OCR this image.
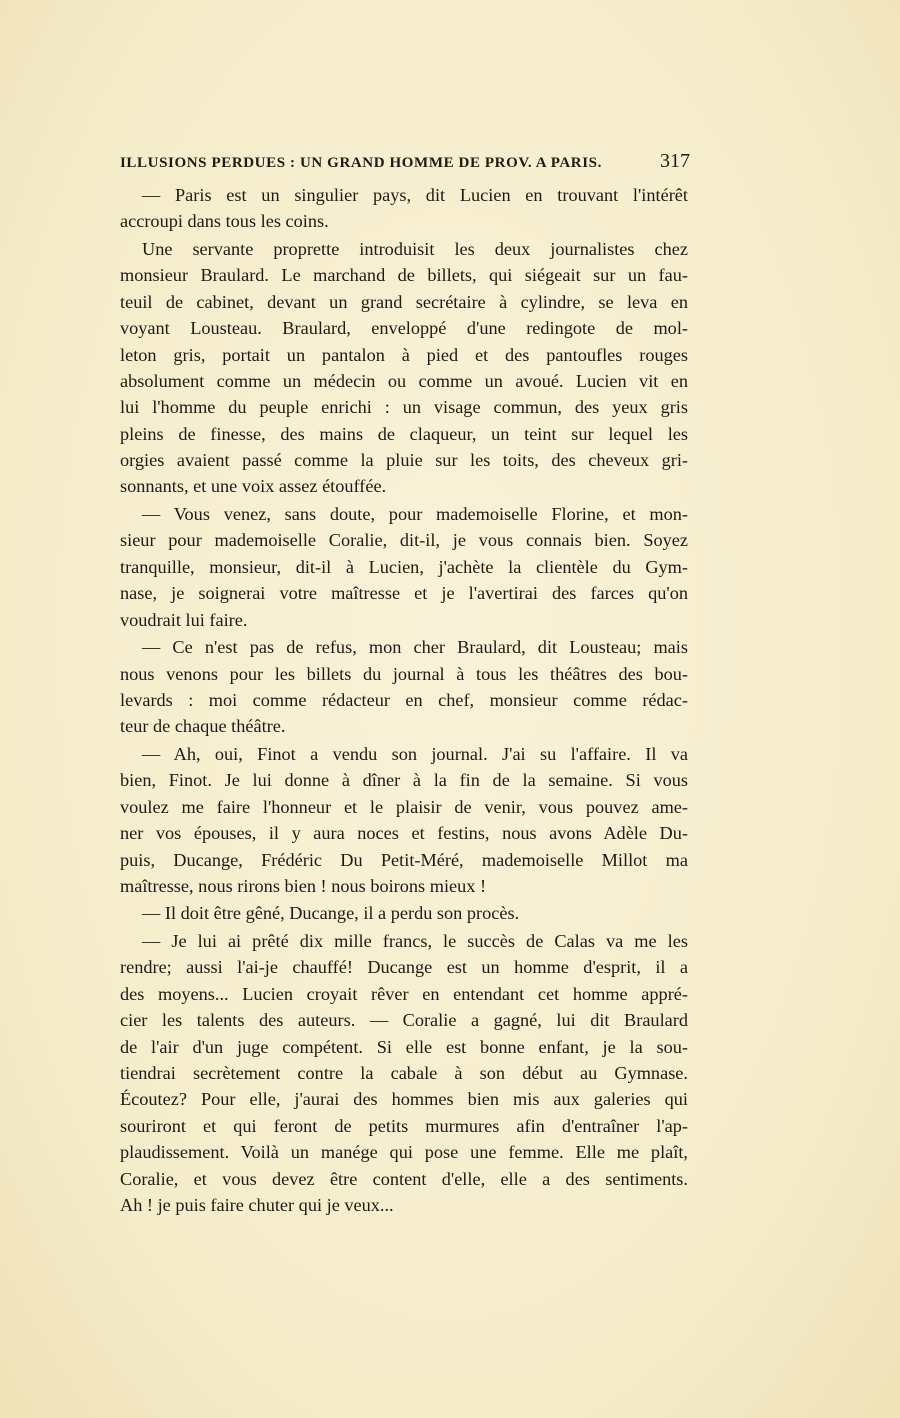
ILLUSIONS PERDUES : UN GRAND HOMME DE PROV. A PARIS.	317
— Paris est un singulier pays, dit Lucien en trouvant l'intérêt
accroupi dans tous les coins.
Une servante proprette introduisit les deux journalistes chez
monsieur Braulard. Le marchand de billets, qui siégeait sur un fau-
teuil de cabinet, devant un grand secrétaire à cylindre, se leva en
voyant Lousteau. Braulard, enveloppé d'une redingote de mol-
leton gris, portait un pantalon à pied et des pantoufles rouges
absolument comme un médecin ou comme un avoué. Lucien vit en
lui l'homme du peuple enrichi : un visage commun, des yeux gris
pleins de finesse, des mains de claqueur, un teint sur lequel les
orgies avaient passé comme la pluie sur les toits, des cheveux gri-
sonnants, et une voix assez étouffée.
— Vous venez, sans doute, pour mademoiselle Florine, et mon-
sieur pour mademoiselle Coralie, dit-il, je vous connais bien. Soyez
tranquille, monsieur, dit-il à Lucien, j'achète la clientèle du Gym-
nase, je soignerai votre maîtresse et je l'avertirai des farces qu'on
voudrait lui faire.
— Ce n'est pas de refus, mon cher Braulard, dit Lousteau; mais
nous venons pour les billets du journal à tous les théâtres des bou-
levards : moi comme rédacteur en chef, monsieur comme rédac-
teur de chaque théâtre.
— Ah, oui, Finot a vendu son journal. J'ai su l'affaire. Il va
bien, Finot. Je lui donne à dîner à la fin de la semaine. Si vous
voulez me faire l'honneur et le plaisir de venir, vous pouvez ame-
ner vos épouses, il y aura noces et festins, nous avons Adèle Du-
puis, Ducange, Frédéric Du Petit-Méré, mademoiselle Millot ma
maîtresse, nous rirons bien ! nous boirons mieux !
— Il doit être gêné, Ducange, il a perdu son procès.
— Je lui ai prêté dix mille francs, le succès de Calas va me les
rendre; aussi l'ai-je chauffé! Ducange est un homme d'esprit, il a
des moyens... Lucien croyait rêver en entendant cet homme appré-
cier les talents des auteurs. — Coralie a gagné, lui dit Braulard
de l'air d'un juge compétent. Si elle est bonne enfant, je la sou-
tiendrai secrètement contre la cabale à son début au Gymnase.
Écoutez? Pour elle, j'aurai des hommes bien mis aux galeries qui
souriront et qui feront de petits murmures afin d'entraîner l'ap-
plaudissement. Voilà un manége qui pose une femme. Elle me plaît,
Coralie, et vous devez être content d'elle, elle a des sentiments.
Ah ! je puis faire chuter qui je veux...
